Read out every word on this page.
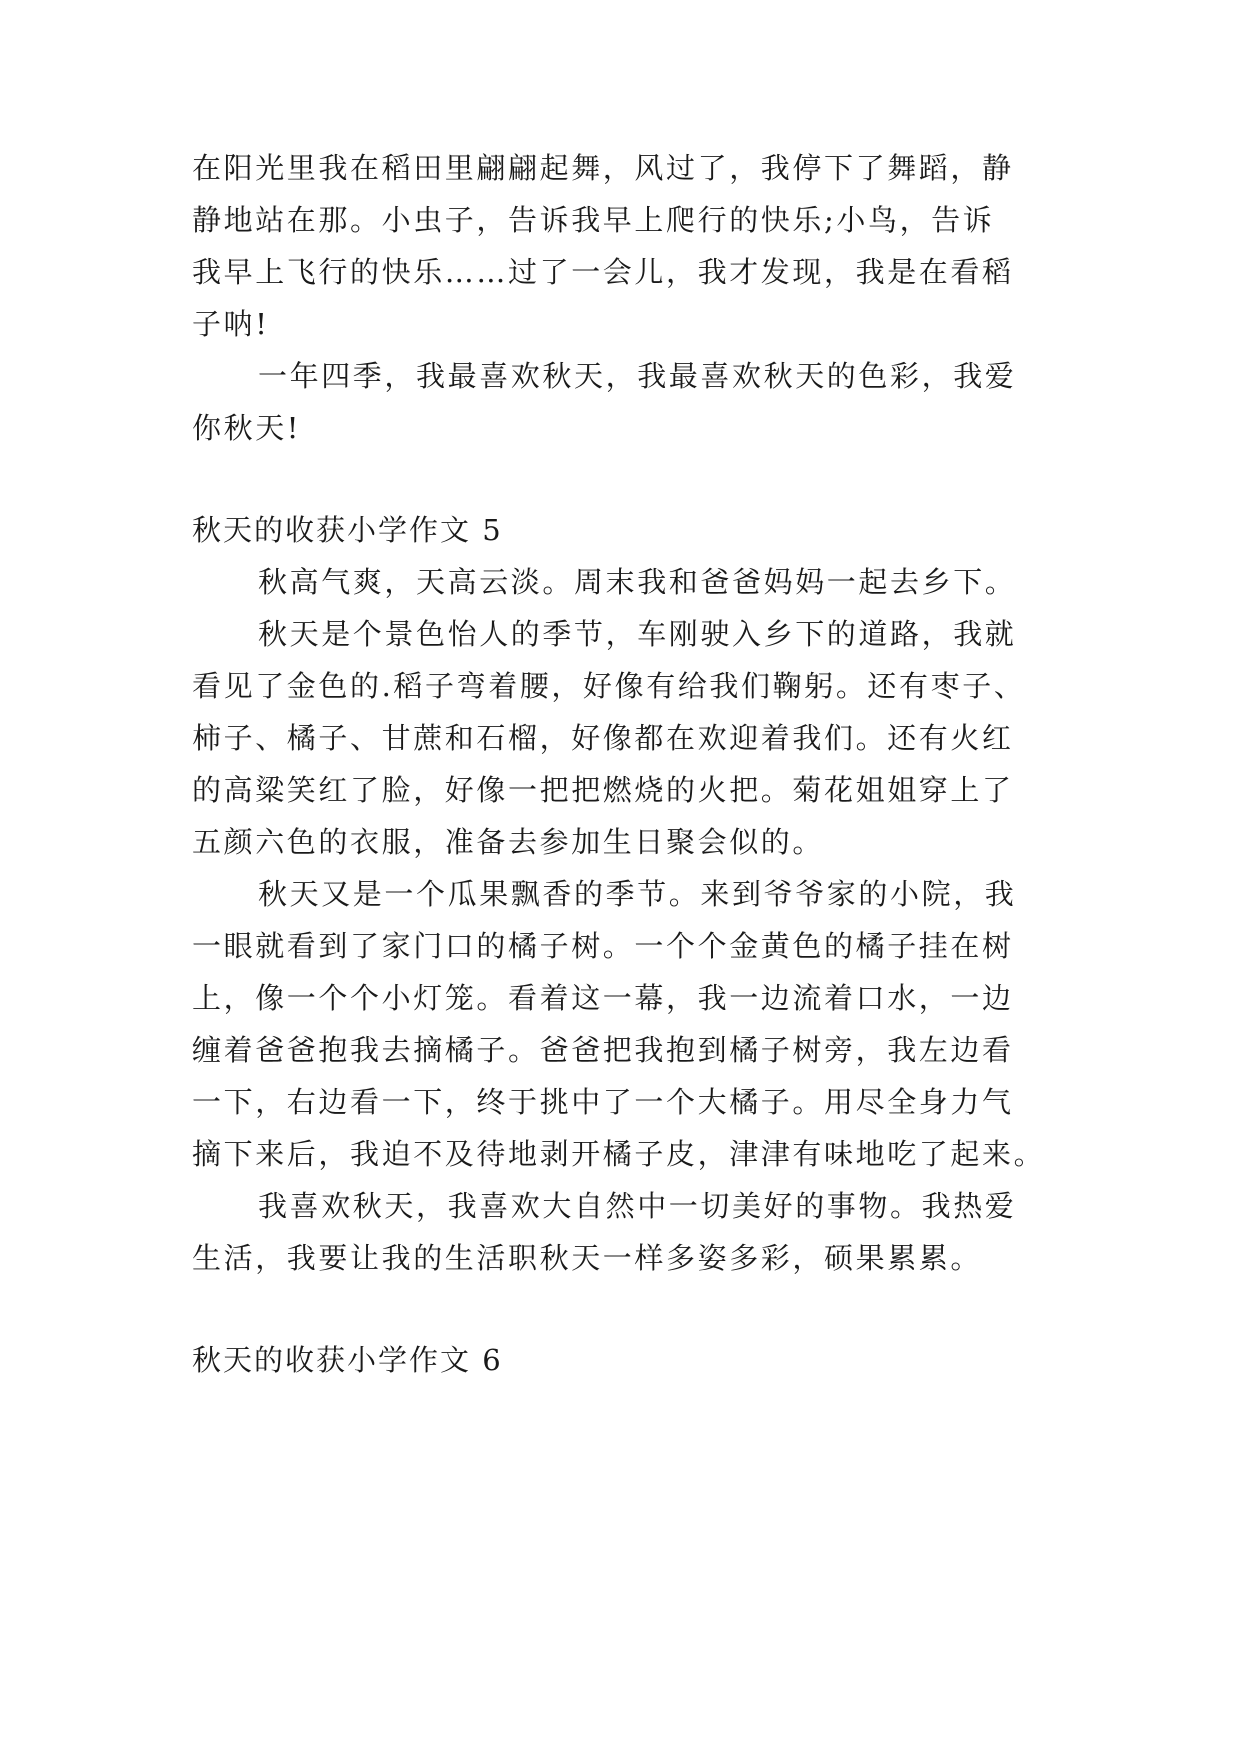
在阳光里我在稻田里翩翩起舞，风过了，我停下了舞蹈，静
静地站在那。小虫子，告诉我早上爬行的快乐;小鸟，告诉
我早上飞行的快乐……过了一会儿，我才发现，我是在看稻
子呐!
一年四季，我最喜欢秋天，我最喜欢秋天的色彩，我爱
你秋天!
秋天的收获小学作文 5
秋高气爽，天高云淡。周末我和爸爸妈妈一起去乡下。
秋天是个景色怡人的季节，车刚驶入乡下的道路，我就
看见了金色的.稻子弯着腰，好像有给我们鞠躬。还有枣子、
柿子、橘子、甘蔗和石榴，好像都在欢迎着我们。还有火红
的高粱笑红了脸，好像一把把燃烧的火把。菊花姐姐穿上了
五颜六色的衣服，准备去参加生日聚会似的。
秋天又是一个瓜果飘香的季节。来到爷爷家的小院，我
一眼就看到了家门口的橘子树。一个个金黄色的橘子挂在树
上，像一个个小灯笼。看着这一幕，我一边流着口水，一边
缠着爸爸抱我去摘橘子。爸爸把我抱到橘子树旁，我左边看
一下，右边看一下，终于挑中了一个大橘子。用尽全身力气
摘下来后，我迫不及待地剥开橘子皮，津津有味地吃了起来。
我喜欢秋天，我喜欢大自然中一切美好的事物。我热爱
生活，我要让我的生活职秋天一样多姿多彩，硕果累累。
秋天的收获小学作文 6
